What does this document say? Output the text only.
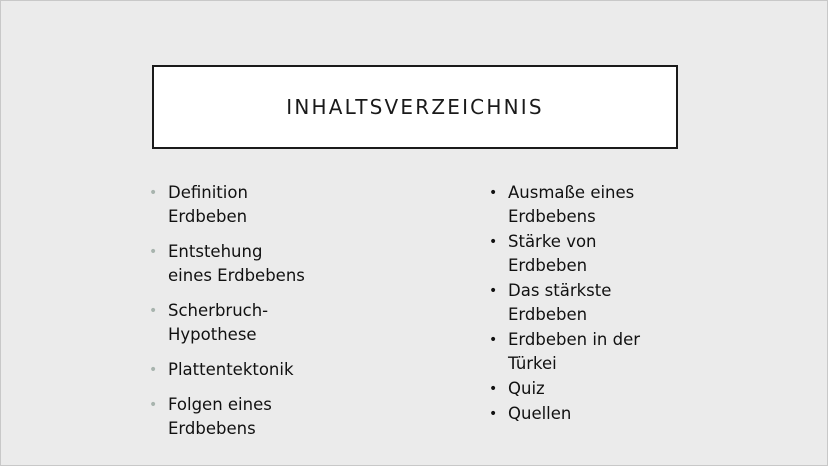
INHALTSVERZEICHNIS
• Definition
Erdbeben
• Entstehung
eines Erdbebens
• Scherbruch-
Hypothese
• Plattentektonik
• Folgen eines
Erdbebens
• Ausmaße eines
Erdbebens
• Stärke von
Erdbeben
• Das stärkste
Erdbeben
• Erdbeben in der
Türkei
• Quiz
• Quellen
